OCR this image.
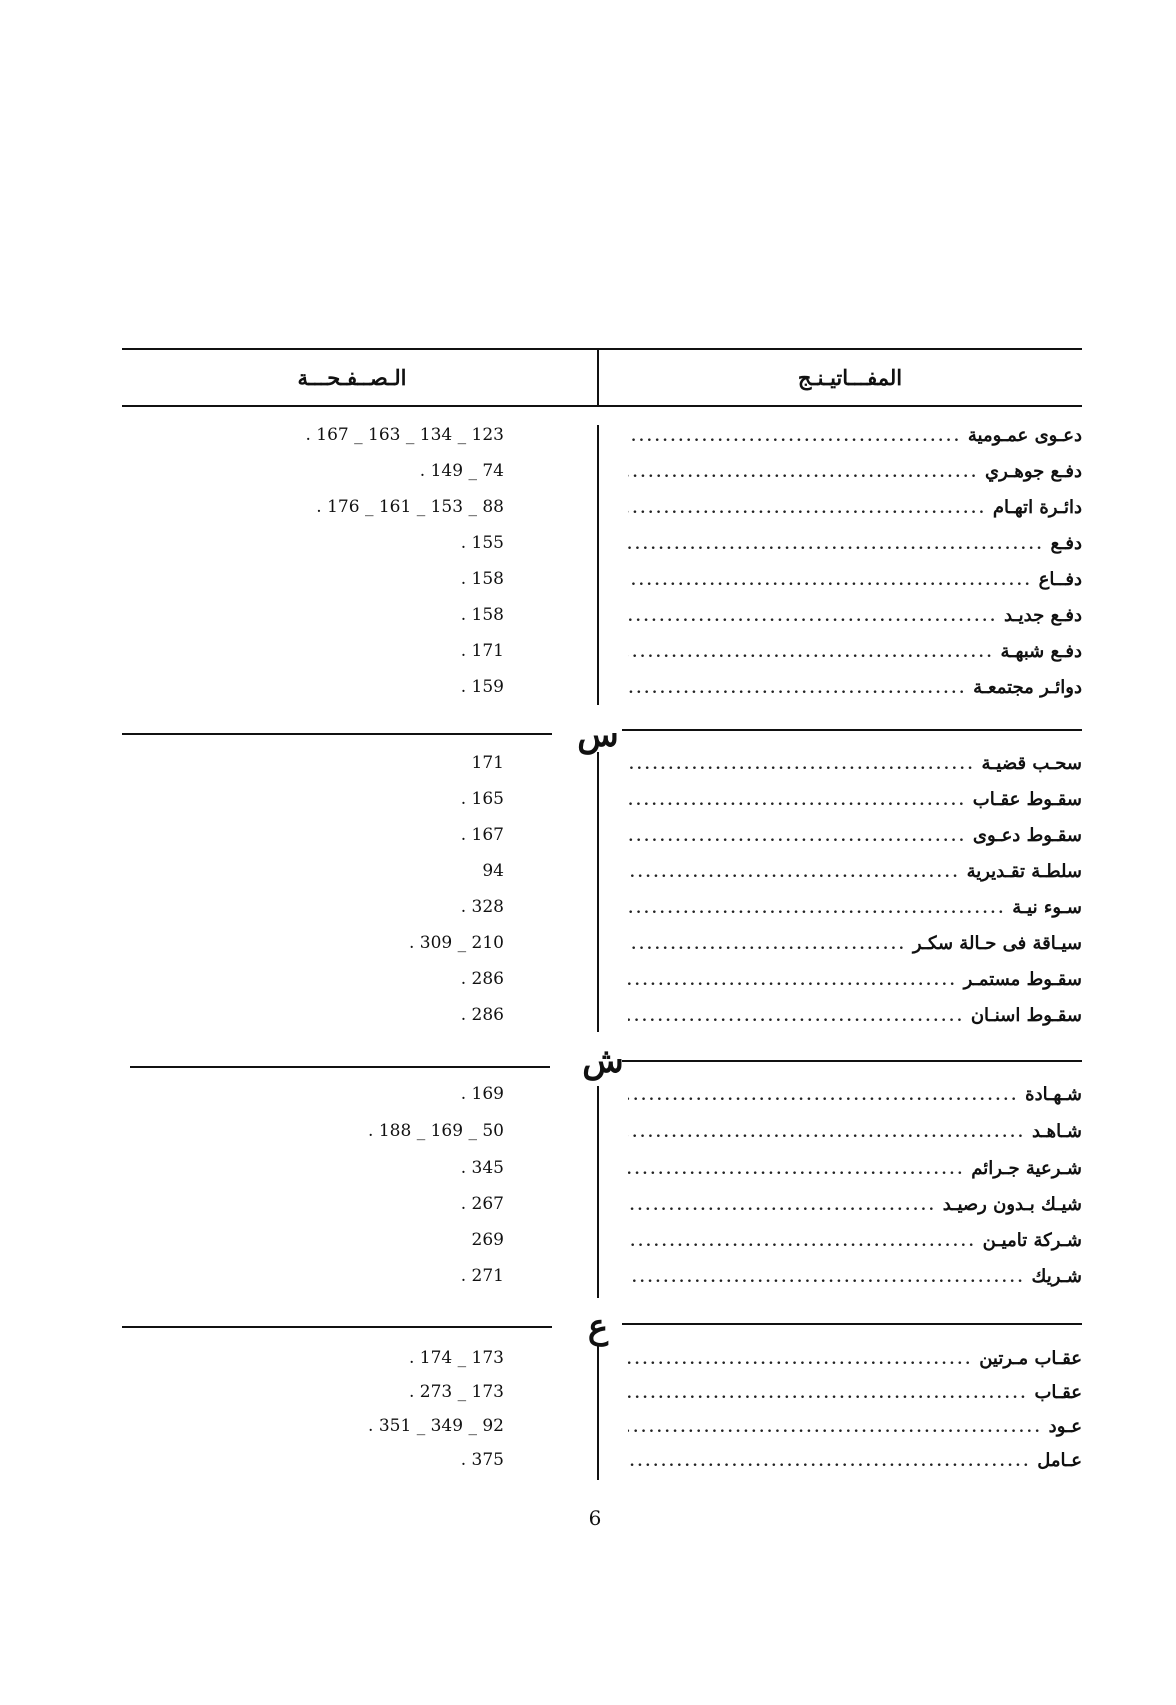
المفـــاتيـنـج
الـصــفـحـــة
دعـوى عمـومية
.....
. 167 _ 163 _ 134 _ 123
دفـع جوهـري
.....
. 149 _ 74
دائـرة اتهـام
.....
. 176 _ 161 _ 153 _ 88
دفـع
.....
. 155
دفــاع
.....
. 158
دفـع جديـد
.....
. 158
دفـع شبهـة
.....
. 171
دوائـر مجتمعـة
.....
. 159
س
سحـب قضيـة
.....
171
سقـوط عقـاب
.....
. 165
سقـوط دعـوى
.....
. 167
سلطـة تقـديرية
.....
94
سـوء نيـة
.....
. 328
سيـاقة فى حـالة سكـر
.....
. 309 _ 210
سقـوط مستمـر
.....
. 286
سقـوط اسنـان
.....
. 286
ش
شـهـادة
.....
. 169
شـاهـد
.....
. 188 _ 169 _ 50
شـرعية جـرائم
.....
. 345
شيـك بـدون رصيـد
.....
. 267
شـركة تاميـن
.....
269
شـريك
.....
. 271
ع
عقـاب مـرتين
.....
. 174 _ 173
عقـاب
.....
. 273 _ 173
عـود
.....
. 351 _ 349 _ 92
عـامل
.....
. 375
6
